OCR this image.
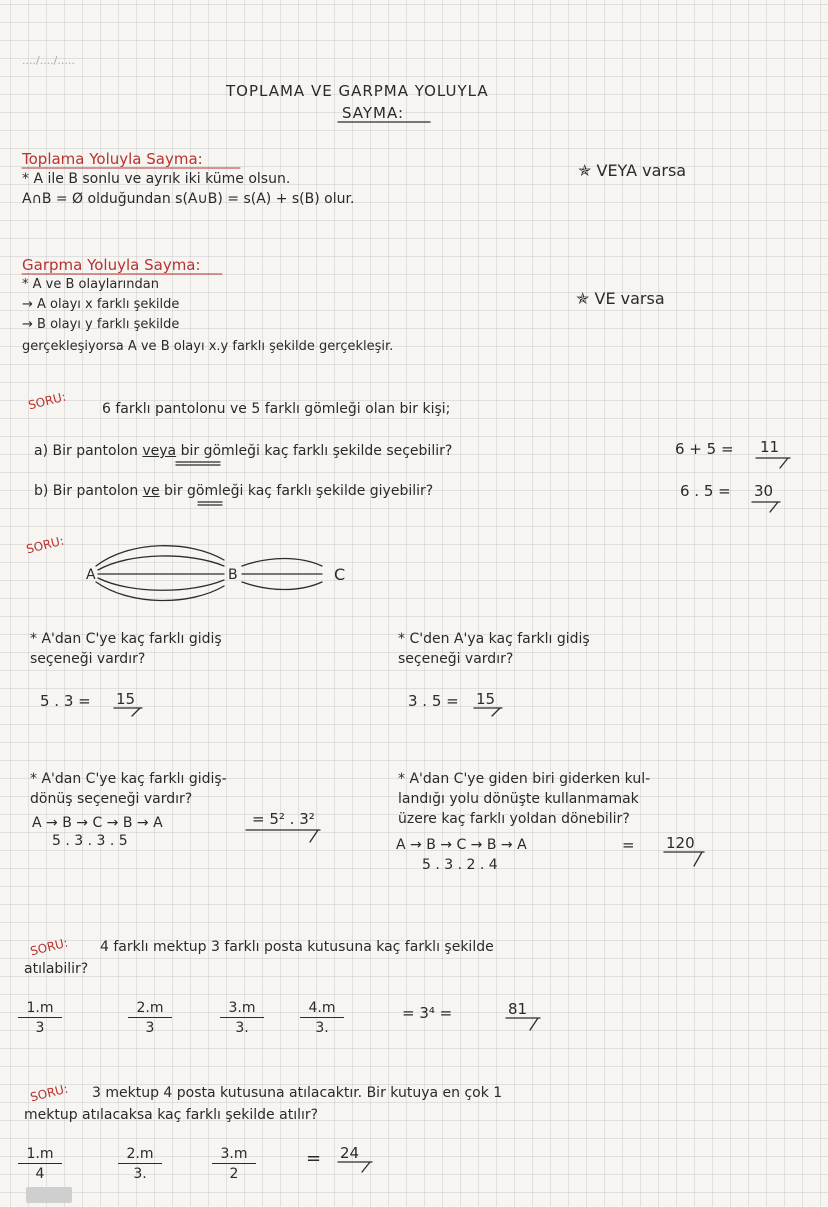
..../..../.....
TOPLAMA VE GARPMA YOLUYLA
SAYMA:
Toplama Yoluyla Sayma:
* A ile B sonlu ve ayrık iki küme olsun.
A∩B = Ø olduğundan s(A∪B) = s(A) + s(B) olur.
✯ VEYA varsa
Garpma Yoluyla Sayma:
* A ve B olaylarından
→ A olayı x farklı şekilde
→ B olayı y farklı şekilde
gerçekleşiyorsa A ve B olayı x.y farklı şekilde gerçekleşir.
✯ VE varsa
SORU: 6 farklı pantolonu ve 5 farklı gömleği olan bir kişi;
a) Bir pantolon veya bir gömleği kaç farklı şekilde seçebilir?	6 + 5 = 11
b) Bir pantolon ve bir gömleği kaç farklı şekilde giyebilir?	6 . 5 = 30
SORU:
A	B	C
* A'dan C'ye kaç farklı gidiş
seçeneği vardır?
5 . 3 = 15
* C'den A'ya kaç farklı gidiş
seçeneği vardır?
3 . 5 = 15
* A'dan C'ye kaç farklı gidiş-
dönüş seçeneği vardır?
A → B → C → B → A	= 5² . 3²
5 . 3 . 3 . 5
* A'dan C'ye giden biri giderken kul-
landığı yolu dönüşte kullanmamak
üzere kaç farklı yoldan dönebilir?
A → B → C → B → A	= 120
5 . 3 . 2 . 4
SORU: 4 farklı mektup 3 farklı posta kutusuna kaç farklı şekilde
atılabilir?
$\frac{1.m}{3}$	$\frac{2.m}{3}$	$\frac{3.m}{3.}$	$\frac{4.m}{3.}$	= 3⁴ =	81
SORU: 3 mektup 4 posta kutusuna atılacaktır. Bir kutuya en çok 1
mektup atılacaksa kaç farklı şekilde atılır?
$\frac{1.m}{4}$	$\frac{2.m}{3.}$	$\frac{3.m}{2}$	= 24
